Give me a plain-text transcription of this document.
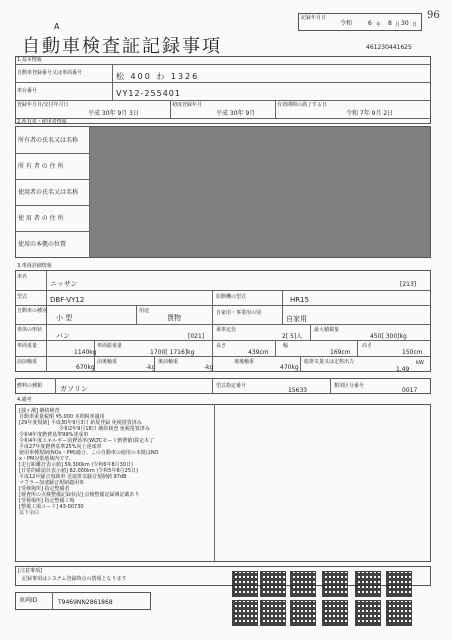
A
記録年月日
令和	6 年 8 月 30 日
96
自動車検査証記録事項	461230441625
1.基本情報
自動車登録番号又は車両番号	松 400 わ 1326
車台番号	VY12-255401
登録年月日/交付年月日
平成 30年 9月 3日
初度登録年月
平成 30年 9月
有効期間の満了する日
令和 7年 9月 2日
2.所有者・使用者情報
所有者の氏名又は名称
所 有 者 の 住 所
使用者の氏名又は名称
使 用 者 の 住 所
使用の本拠の位置
3.車両詳細情報
車名
ニッサン	[213]
型式	DBF-VY12	原動機の型式	HR15
自動車の種別
小 型
用途
貨物
自家用・事業用の別
自家用
車体の形状
バン	[021]
乗車定員
2[ 5]人
最大積載量
450[ 300]kg
車両重量
1140kg
車両総重量
1700[ 1716]kg
長さ
439cm
幅
169cm
高さ
150cm
前前軸重
670kg
前後軸重
-kg
後前軸重
-kg
後後軸重
470kg
総排気量又は定格出力
1.49
kW
燃料の種類	ガソリン	型式指定番号
15633
類別区分番号
0017
4.備考
[独ヶ潮] 継続検査
自動車重量税額 ¥5,000 本則税率適用
[29年度規制] 平成30年9月3日 新規登録 免税措置済み
令和2年9月18日 継続検査 免税措置済み
令和4年度燃費基準99%達成車
令和4年度エネルギー消費効率(WLTCモード燃費値)算定木了
平成27年度燃費基準25%向上達成車
使用車種規制(NOx・PM)適合。この自動車の使用の本拠はNO
x・PM対策地域内です。
[走行距離計表示値] 59,300km (令和6年8月30日)
[日常的確認計表示値] 82,000km (令和5年8月25日)
平成12年騒音規制車 近接排気騒音規制値 97dB
マフラー加速騒音規制適用車
[受検場所] 指定整備者
[検査所の点検整備記録状況] 点検整備記録簿記載あり
[受検場所] 指定整備工場
[整備工場コード] 43-00730
以下余白
[注意事項]
記録事項はシステム登録時点の情報となります
車両ID	T9469NN2861868
